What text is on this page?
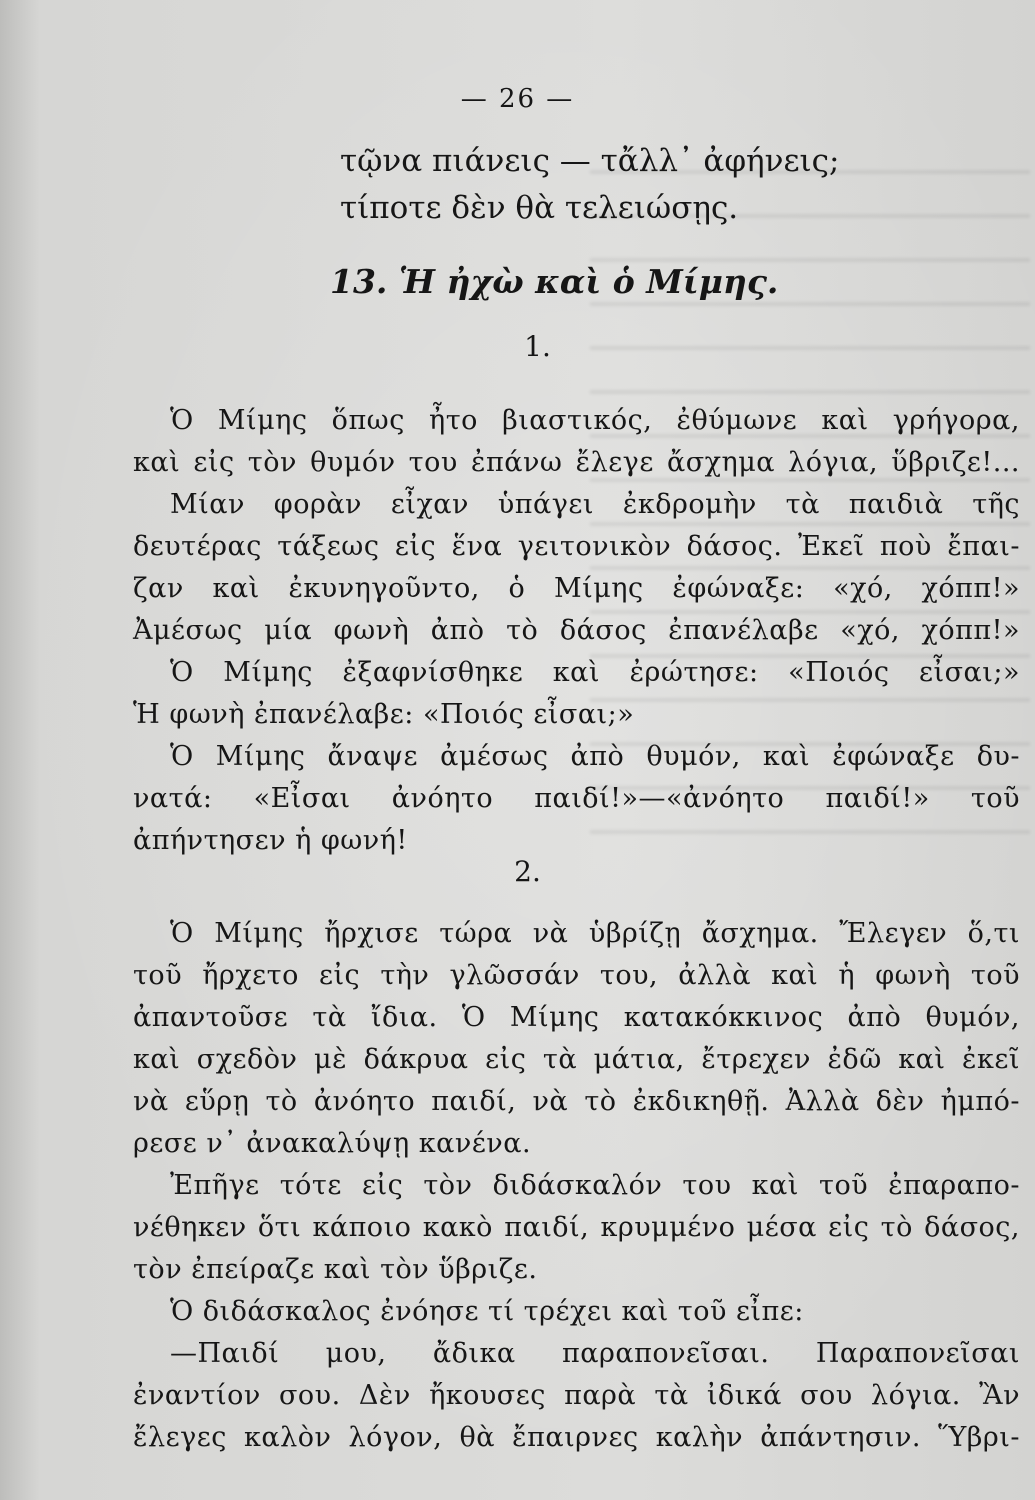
— 26 —
τῷνα πιάνεις — τἄλλ᾽ ἀφήνεις;
τίποτε δὲν θὰ τελειώσῃς.
13. Ἡ ἠχὼ καὶ ὁ Μίμης.
1.
Ὁ Μίμης ὅπως ἦτο βιαστικός, ἐθύμωνε καὶ γρήγορα,
καὶ εἰς τὸν θυμόν του ἐπάνω ἔλεγε ἄσχημα λόγια, ὕβριζε!...
Μίαν φορὰν εἶχαν ὑπάγει ἐκδρομὴν τὰ παιδιὰ τῆς
δευτέρας τάξεως εἰς ἕνα γειτονικὸν δάσος. Ἐκεῖ ποὺ ἔπαι-
ζαν καὶ ἐκυνηγοῦντο, ὁ Μίμης ἐφώναξε: «χό, χόππ!»
Ἀμέσως μία φωνὴ ἀπὸ τὸ δάσος ἐπανέλαβε «χό, χόππ!»
Ὁ Μίμης ἐξαφνίσθηκε καὶ ἐρώτησε: «Ποιός εἶσαι;»
Ἡ φωνὴ ἐπανέλαβε: «Ποιός εἶσαι;»
Ὁ Μίμης ἄναψε ἀμέσως ἀπὸ θυμόν, καὶ ἐφώναξε δυ-
νατά: «Εἶσαι ἀνόητο παιδί!»—«ἀνόητο παιδί!» τοῦ
ἀπήντησεν ἡ φωνή!
2.
Ὁ Μίμης ἤρχισε τώρα νὰ ὑβρίζῃ ἄσχημα. Ἔλεγεν ὅ,τι
τοῦ ἤρχετο εἰς τὴν γλῶσσάν του, ἀλλὰ καὶ ἡ φωνὴ τοῦ
ἀπαντοῦσε τὰ ἴδια. Ὁ Μίμης κατακόκκινος ἀπὸ θυμόν,
καὶ σχεδὸν μὲ δάκρυα εἰς τὰ μάτια, ἔτρεχεν ἐδῶ καὶ ἐκεῖ
νὰ εὕρῃ τὸ ἀνόητο παιδί, νὰ τὸ ἐκδικηθῇ. Ἀλλὰ δὲν ἠμπό-
ρεσε ν᾽ ἀνακαλύψῃ κανένα.
Ἐπῆγε τότε εἰς τὸν διδάσκαλόν του καὶ τοῦ ἐπαραπο-
νέθηκεν ὅτι κάποιο κακὸ παιδί, κρυμμένο μέσα εἰς τὸ δάσος,
τὸν ἐπείραζε καὶ τὸν ὕβριζε.
Ὁ διδάσκαλος ἐνόησε τί τρέχει καὶ τοῦ εἶπε:
—Παιδί μου, ἄδικα παραπονεῖσαι. Παραπονεῖσαι
ἐναντίον σου. Δὲν ἤκουσες παρὰ τὰ ἰδικά σου λόγια. Ἂν
ἔλεγες καλὸν λόγον, θὰ ἔπαιρνες καλὴν ἀπάντησιν. Ὕβρι-
